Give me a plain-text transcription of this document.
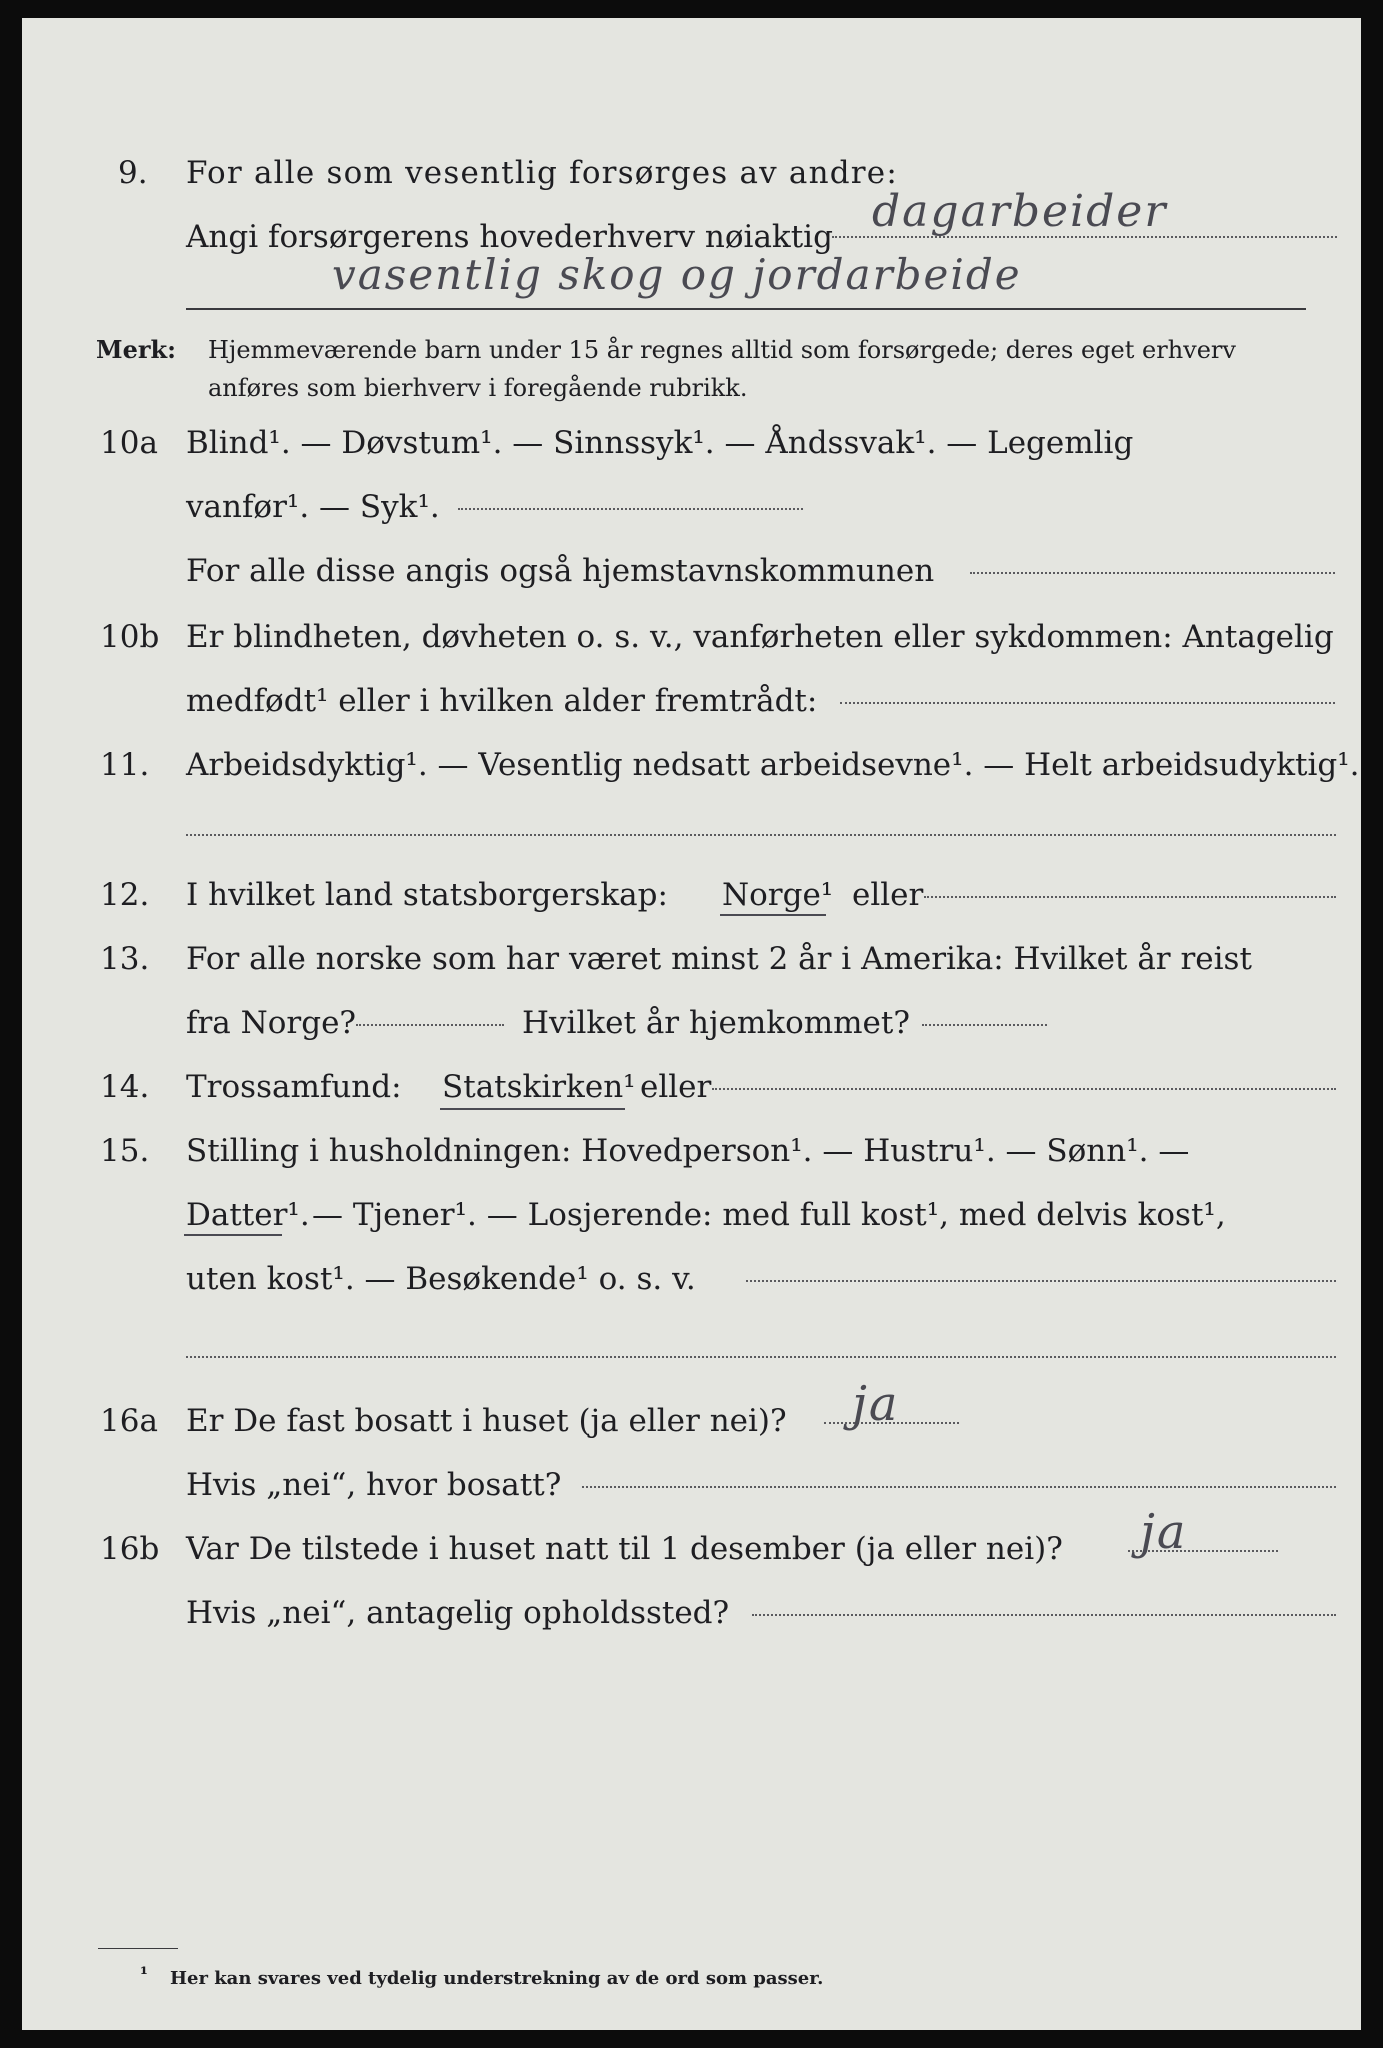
9. For alle som vesentlig forsørges av andre:
Angi forsørgerens hovederhverv nøiaktig dagarbeider
vasentlig skog og jordarbeide
Merk: Hjemmeværende barn under 15 år regnes alltid som forsørgede; deres eget erhverv
anføres som bierhverv i foregående rubrikk.
10a Blind¹. — Døvstum¹. — Sinnssyk¹. — Åndssvak¹. — Legemlig
vanfør¹. — Syk¹.
For alle disse angis også hjemstavnskommunen
10b Er blindheten, døvheten o. s. v., vanførheten eller sykdommen: Antagelig
medfødt¹ eller i hvilken alder fremtrådt:
11. Arbeidsdyktig¹. — Vesentlig nedsatt arbeidsevne¹. — Helt arbeidsudyktig¹.
12. I hvilket land statsborgerskap: Norge¹ eller
13. For alle norske som har været minst 2 år i Amerika: Hvilket år reist
fra Norge?	Hvilket år hjemkommet?
14. Trossamfund: Statskirken¹ eller
15. Stilling i husholdningen: Hovedperson¹. — Hustru¹. — Sønn¹. —
Datter¹. — Tjener¹. — Losjerende: med full kost¹, med delvis kost¹,
uten kost¹. — Besøkende¹ o. s. v.
16a Er De fast bosatt i huset (ja eller nei)? ja
Hvis „nei“, hvor bosatt?
16b Var De tilstede i huset natt til 1 desember (ja eller nei)? ja
Hvis „nei“, antagelig opholdssted?
¹ Her kan svares ved tydelig understrekning av de ord som passer.
